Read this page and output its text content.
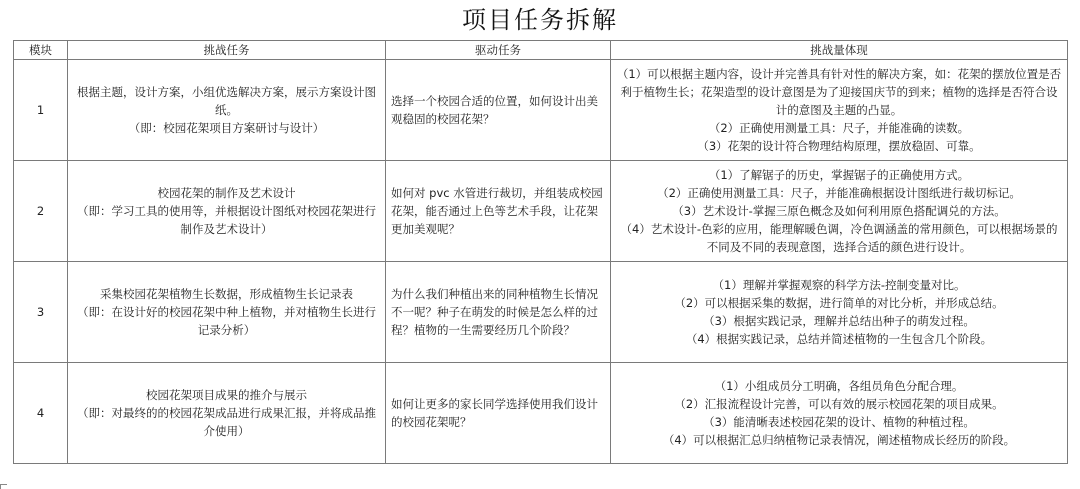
项目任务拆解
模块	挑战任务	驱动任务	挑战量体现
1	根据主题，设计方案，小组优选解决方案，展示方案设计图纸。
（即：校园花架项目方案研讨与设计）	选择一个校园合适的位置，如何设计出美观稳固的校园花架？	（1）可以根据主题内容，设计并完善具有针对性的解决方案，如：花架的摆放位置是否利于植物生长；花架造型的设计意图是为了迎接国庆节的到来；植物的选择是否符合设计的意图及主题的凸显。
（2）正确使用测量工具：尺子，并能准确的读数。
（3）花架的设计符合物理结构原理，摆放稳固、可靠。

2	校园花架的制作及艺术设计
（即：学习工具的使用等，并根据设计图纸对校园花架进行制作及艺术设计）	如何对 pvc 水管进行裁切，并组装成校园花架，能否通过上色等艺术手段，让花架更加美观呢？	（1）了解锯子的历史，掌握锯子的正确使用方式。
（2）正确使用测量工具：尺子，并能准确根据设计图纸进行裁切标记。
（3）艺术设计-掌握三原色概念及如何利用原色搭配调兑的方法。
（4）艺术设计-色彩的应用，能理解暖色调，冷色调涵盖的常用颜色，可以根据场景的不同及不同的表现意图，选择合适的颜色进行设计。

3	采集校园花架植物生长数据，形成植物生长记录表
（即：在设计好的校园花架中种上植物，并对植物生长进行记录分析）	为什么我们种植出来的同种植物生长情况不一呢？种子在萌发的时候是怎么样的过程？植物的一生需要经历几个阶段？	（1）理解并掌握观察的科学方法-控制变量对比。
（2）可以根据采集的数据，进行简单的对比分析，并形成总结。
（3）根据实践记录，理解并总结出种子的萌发过程。
（4）根据实践记录，总结并简述植物的一生包含几个阶段。

4	校园花架项目成果的推介与展示
（即：对最终的的校园花架成品进行成果汇报，并将成品推介使用）	如何让更多的家长同学选择使用我们设计的校园花架呢？	（1）小组成员分工明确，各组员角色分配合理。
（2）汇报流程设计完善，可以有效的展示校园花架的项目成果。
（3）能清晰表述校园花架的设计、植物的种植过程。
（4）可以根据汇总归纳植物记录表情况，阐述植物成长经历的阶段。
